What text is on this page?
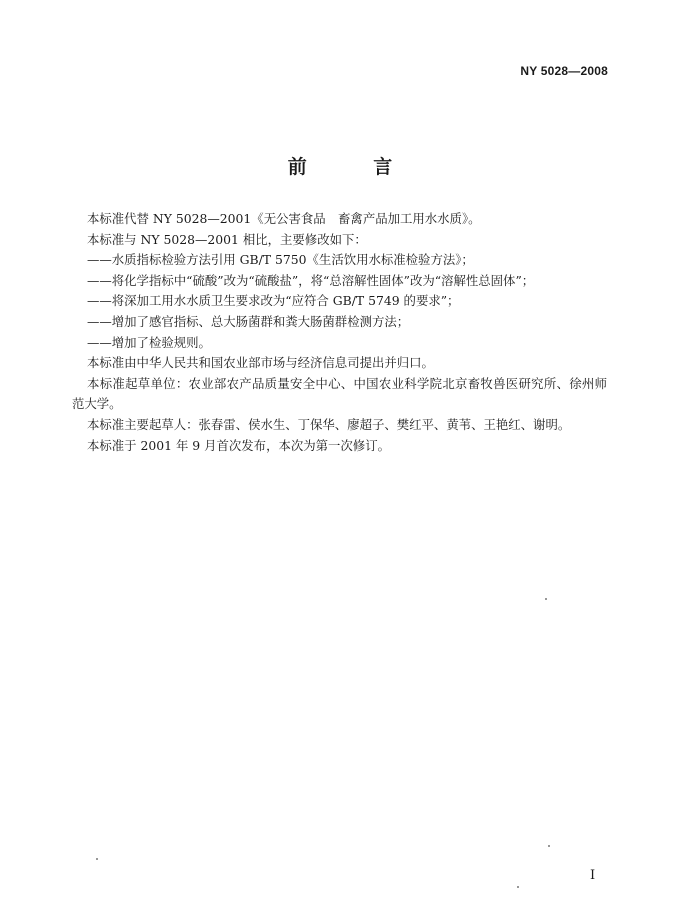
NY 5028—2008
前 言

本标准代替 NY 5028—2001《无公害食品　畜禽产品加工用水水质》。

本标准与 NY 5028—2001 相比，主要修改如下：

——水质指标检验方法引用 GB/T 5750《生活饮用水标准检验方法》；

——将化学指标中“硫酸”改为“硫酸盐”，将“总溶解性固体”改为“溶解性总固体”；

——将深加工用水水质卫生要求改为“应符合 GB/T 5749 的要求”；

——增加了感官指标、总大肠菌群和粪大肠菌群检测方法；

——增加了检验规则。

本标准由中华人民共和国农业部市场与经济信息司提出并归口。

本标准起草单位：农业部农产品质量安全中心、中国农业科学院北京畜牧兽医研究所、徐州师范大学。

本标准主要起草人：张春雷、侯水生、丁保华、廖超子、樊红平、黄苇、王艳红、谢明。

本标准于 2001 年 9 月首次发布，本次为第一次修订。

I
